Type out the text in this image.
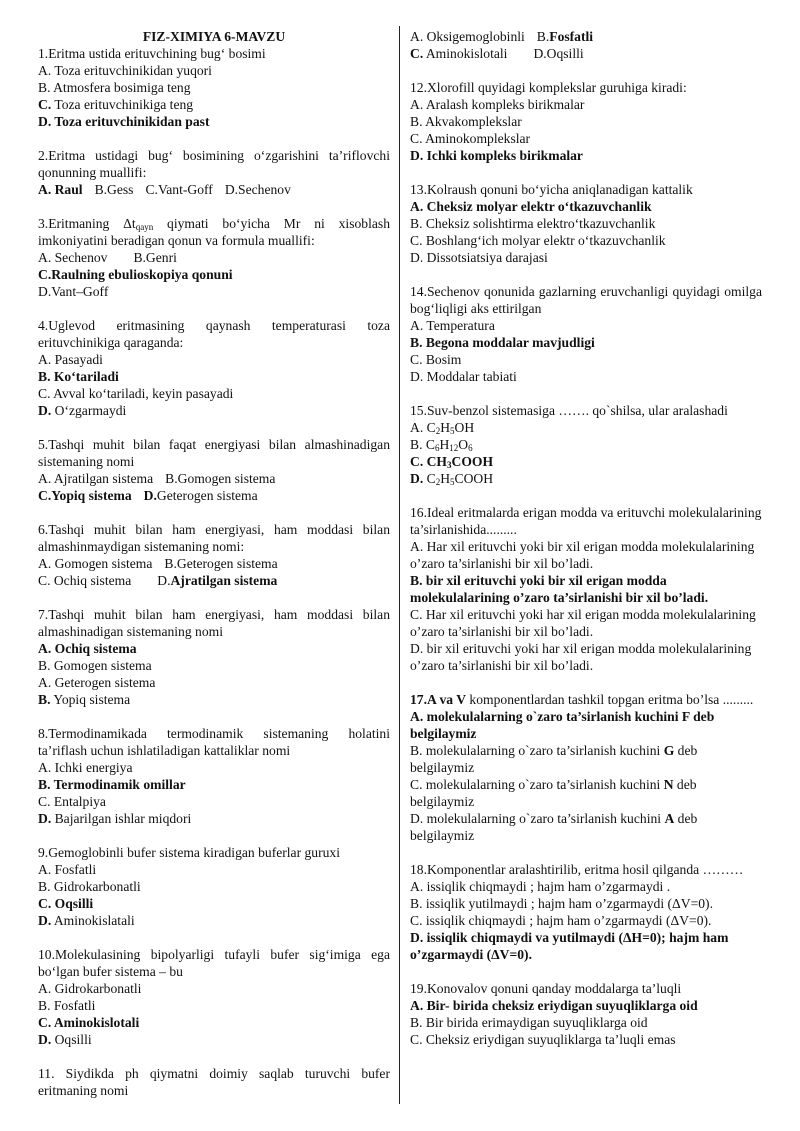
FIZ-XIMIYA 6-MAVZU
1.Eritma ustida erituvchining bug‘ bosimi
A. Toza erituvchinikidan yuqori
B. Atmosfera bosimiga teng
C. Toza erituvchinikiga teng
D. Toza erituvchinikidan past
2.Eritma ustidagi bug‘ bosimining o‘zgarishini ta’riflovchi qonunning muallifi:
A. Raul B.Gess C.Vant-Goff D.Sechenov
3.Eritmaning $\Delta t_{qayn}$ qiymati bo‘yicha Mr ni xisoblash imkoniyatini beradigan qonun va formula muallifi:
A. Sechenov B.Genri
C.Raulning ebulioskopiya qonuni
D.Vant–Goff
4.Uglevod eritmasining qaynash temperaturasi toza erituvchinikiga qaraganda:
A. Pasayadi
B. Ko‘tariladi
C. Avval ko‘tariladi, keyin pasayadi
D. O‘zgarmaydi
5.Tashqi muhit bilan faqat energiyasi bilan almashinadigan sistemaning nomi
A. Ajratilgan sistema B.Gomogen sistema
C.Yopiq sistema D.Geterogen sistema
6.Tashqi muhit bilan ham energiyasi, ham moddasi bilan almashinmaydigan sistemaning nomi:
A. Gomogen sistema B.Geterogen sistema
C. Ochiq sistema D.Ajratilgan sistema
7.Tashqi muhit bilan ham energiyasi, ham moddasi bilan almashinadigan sistemaning nomi
A. Ochiq sistema
B. Gomogen sistema
A. Geterogen sistema
B. Yopiq sistema
8.Termodinamikada termodinamik sistemaning holatini ta’riflash uchun ishlatiladigan kattaliklar nomi
A. Ichki energiya
B. Termodinamik omillar
C. Entalpiya
D. Bajarilgan ishlar miqdori
9.Gemoglobinli bufer sistema kiradigan buferlar guruxi
A. Fosfatli
B. Gidrokarbonatli
C. Oqsilli
D. Aminokislatali
10.Molekulasining bipolyarligi tufayli bufer sig‘imiga ega bo‘lgan bufer sistema – bu
A. Gidrokarbonatli
B. Fosfatli
C. Aminokislotali
D. Oqsilli
11. Siydikda ph qiymatni doimiy saqlab turuvchi bufer eritmaning nomi
A. Oksigemoglobinli B.Fosfatli
C. Aminokislotali D.Oqsilli
12.Xlorofill quyidagi komplekslar guruhiga kiradi:
A. Aralash kompleks birikmalar
B. Akvakomplekslar
C. Aminokomplekslar
D. Ichki kompleks birikmalar
13.Kolraush qonuni bo‘yicha aniqlanadigan kattalik
A. Cheksiz molyar elektr o‘tkazuvchanlik
B. Cheksiz solishtirma elektro‘tkazuvchanlik
C. Boshlang‘ich molyar elektr o‘tkazuvchanlik
D. Dissotsiatsiya darajasi
14.Sechenov qonunida gazlarning eruvchanligi quyidagi omilga bog‘liqligi aks ettirilgan
A. Temperatura
B. Begona moddalar mavjudligi
C. Bosim
D. Moddalar tabiati
15.Suv-benzol sistemasiga ……. qo`shilsa, ular aralashadi
A. $C_2H_5OH$
B. $C_6H_{12}O_6$
C. $CH_3COOH$
D. $C_2H_5COOH$
16.Ideal eritmalarda erigan modda va erituvchi molekulalarining ta’sirlanishida.........
A. Har xil erituvchi yoki bir xil erigan modda molekulalarining o’zaro ta’sirlanishi bir xil bo’ladi.
B. bir xil erituvchi yoki bir xil erigan modda molekulalarining o’zaro ta’sirlanishi bir xil bo’ladi.
C. Har xil erituvchi yoki har xil erigan modda molekulalarining o’zaro ta’sirlanishi bir xil bo’ladi.
D. bir xil erituvchi yoki har xil erigan modda molekulalarining o’zaro ta’sirlanishi bir xil bo’ladi.
17.A va V komponentlardan tashkil topgan eritma bo’lsa .........
A. molekulalarning o`zaro ta’sirlanish kuchini F deb belgilaymiz
B. molekulalarning o`zaro ta’sirlanish kuchini G deb belgilaymiz
C. molekulalarning o`zaro ta’sirlanish kuchini N deb belgilaymiz
D. molekulalarning o`zaro ta’sirlanish kuchini A deb belgilaymiz
18.Komponentlar aralashtirilib, eritma hosil qilganda ………
A. issiqlik chiqmaydi ; hajm ham o’zgarmaydi .
B. issiqlik yutilmaydi ; hajm ham o’zgarmaydi (ΔV=0).
C. issiqlik chiqmaydi ; hajm ham o’zgarmaydi (ΔV=0).
D. issiqlik chiqmaydi va yutilmaydi (ΔH=0); hajm ham o’zgarmaydi (ΔV=0).
19.Konovalov qonuni qanday moddalarga ta’luqli
A. Bir- birida cheksiz eriydigan suyuqliklarga oid
B. Bir birida erimaydigan suyuqliklarga oid
C. Cheksiz eriydigan suyuqliklarga ta’luqli emas
